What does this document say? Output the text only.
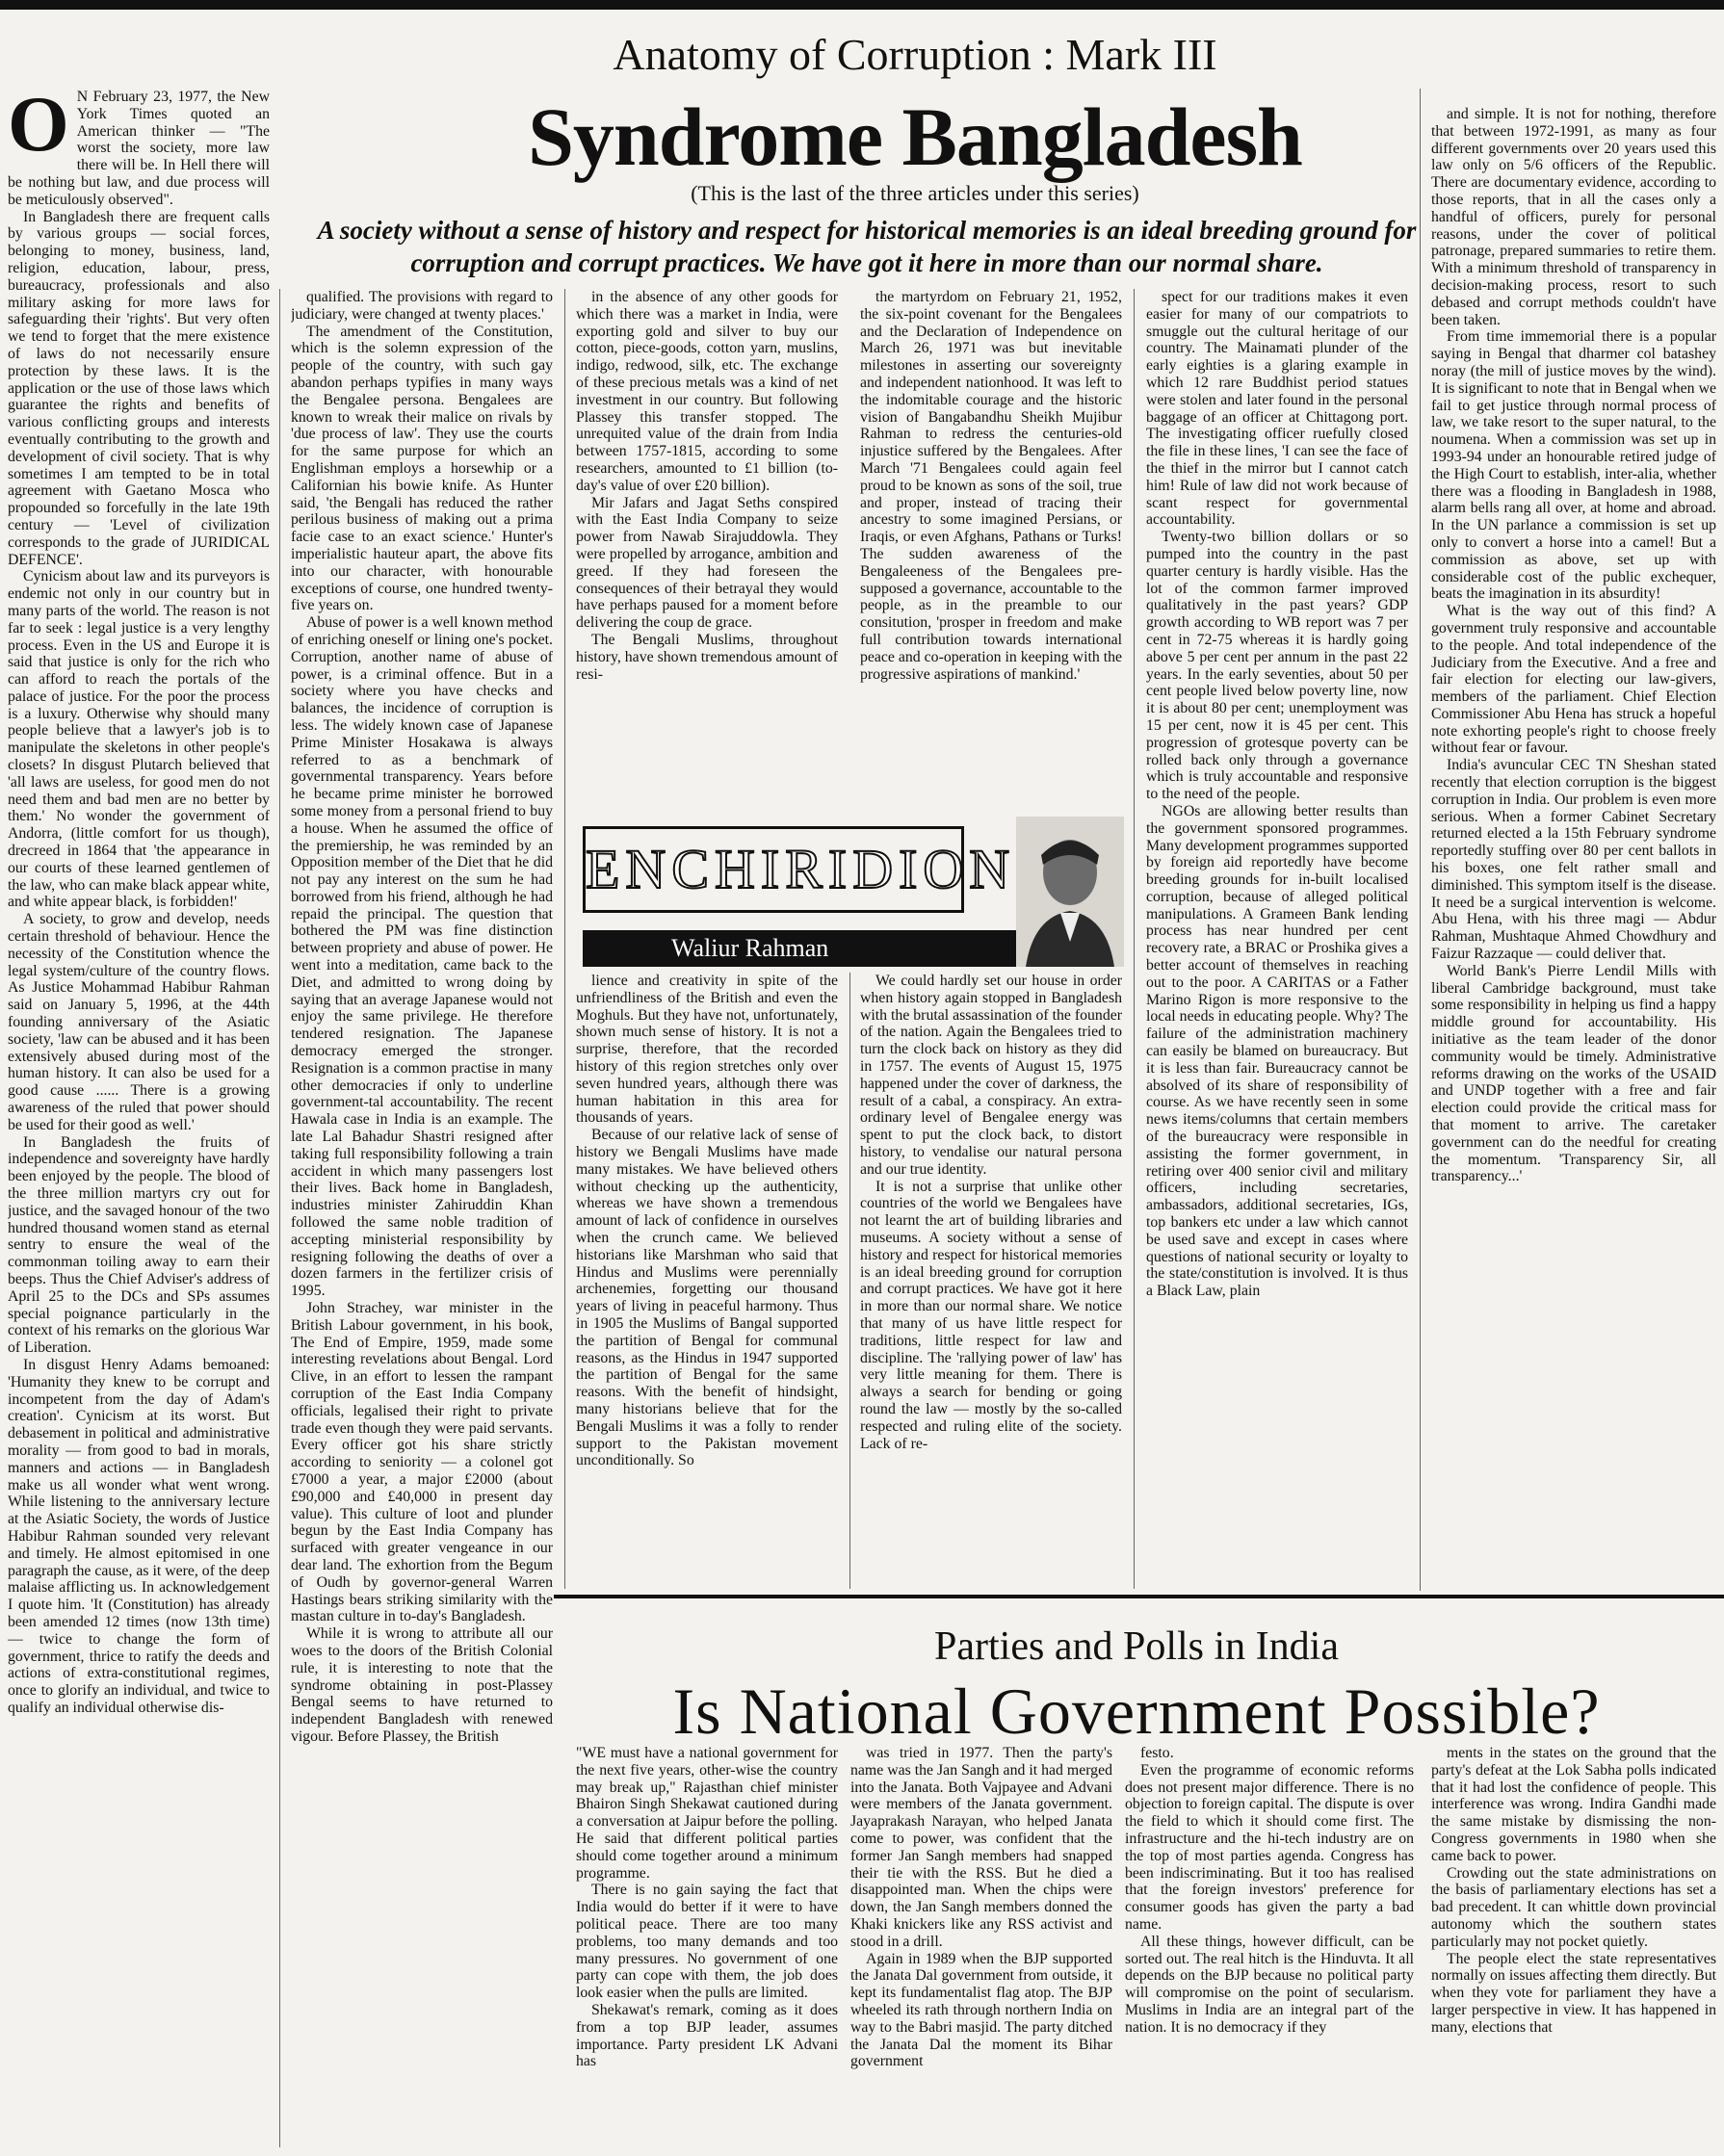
Anatomy of Corruption : Mark III
Syndrome Bangladesh
(This is the last of the three articles under this series)
A society without a sense of history and respect for historical memories is an ideal breeding ground for corruption and corrupt practices. We have got it here in more than our normal share.

O N February 23, 1977, the New York Times quoted an American thinker — "The worst the society, more law there will be. In Hell there will be nothing but law, and due process will be meticulously observed".

In Bangladesh there are frequent calls by various groups — social forces, belonging to money, business, land, religion, education, labour, press, bureaucracy, professionals and also military asking for more laws for safeguarding their 'rights'. But very often we tend to forget that the mere existence of laws do not necessarily ensure protection by these laws. It is the application or the use of those laws which guarantee the rights and benefits of various conflicting groups and interests eventually contributing to the growth and development of civil society. That is why sometimes I am tempted to be in total agreement with Gaetano Mosca who propounded so forcefully in the late 19th century — 'Level of civilization corresponds to the grade of JURIDICAL DEFENCE'.

Cynicism about law and its purveyors is endemic not only in our country but in many parts of the world. The reason is not far to seek : legal justice is a very lengthy process. Even in the US and Europe it is said that justice is only for the rich who can afford to reach the portals of the palace of justice. For the poor the process is a luxury. Otherwise why should many people believe that a lawyer's job is to manipulate the skeletons in other people's closets? In disgust Plutarch believed that 'all laws are useless, for good men do not need them and bad men are no better by them.' No wonder the government of Andorra, (little comfort for us though), drecreed in 1864 that 'the appearance in our courts of these learned gentlemen of the law, who can make black appear white, and white appear black, is forbidden!'

A society, to grow and develop, needs certain threshold of behaviour. Hence the necessity of the Constitution whence the legal system/culture of the country flows. As Justice Mohammad Habibur Rahman said on January 5, 1996, at the 44th founding anniversary of the Asiatic society, 'law can be abused and it has been extensively abused during most of the human history. It can also be used for a good cause ...... There is a growing awareness of the ruled that power should be used for their good as well.'

In Bangladesh the fruits of independence and sovereignty have hardly been enjoyed by the people. The blood of the three million martyrs cry out for justice, and the savaged honour of the two hundred thousand women stand as eternal sentry to ensure the weal of the commonman toiling away to earn their beeps. Thus the Chief Adviser's address of April 25 to the DCs and SPs assumes special poignance particularly in the context of his remarks on the glorious War of Liberation.

In disgust Henry Adams bemoaned: 'Humanity they knew to be corrupt and incompetent from the day of Adam's creation'. Cynicism at its worst. But debasement in political and administrative morality — from good to bad in morals, manners and actions — in Bangladesh make us all wonder what went wrong. While listening to the anniversary lecture at the Asiatic Society, the words of Justice Habibur Rahman sounded very relevant and timely. He almost epitomised in one paragraph the cause, as it were, of the deep malaise afflicting us. In acknowledgement I quote him. 'It (Constitution) has already been amended 12 times (now 13th time) — twice to change the form of government, thrice to ratify the deeds and actions of extra-constitutional regimes, once to glorify an individual, and twice to qualify an individual otherwise dis-

qualified. The provisions with regard to judiciary, were changed at twenty places.'

The amendment of the Constitution, which is the solemn expression of the people of the country, with such gay abandon perhaps typifies in many ways the Bengalee persona. Bengalees are known to wreak their malice on rivals by 'due process of law'. They use the courts for the same purpose for which an Englishman employs a horsewhip or a Californian his bowie knife. As Hunter said, 'the Bengali has reduced the rather perilous business of making out a prima facie case to an exact science.' Hunter's imperialistic hauteur apart, the above fits into our character, with honourable exceptions of course, one hundred twenty-five years on.

Abuse of power is a well known method of enriching oneself or lining one's pocket. Corruption, another name of abuse of power, is a criminal offence. But in a society where you have checks and balances, the incidence of corruption is less. The widely known case of Japanese Prime Minister Hosakawa is always referred to as a benchmark of governmental transparency. Years before he became prime minister he borrowed some money from a personal friend to buy a house. When he assumed the office of the premiership, he was reminded by an Opposition member of the Diet that he did not pay any interest on the sum he had borrowed from his friend, although he had repaid the principal. The question that bothered the PM was fine distinction between propriety and abuse of power. He went into a meditation, came back to the Diet, and admitted to wrong doing by saying that an average Japanese would not enjoy the same privilege. He therefore tendered resignation. The Japanese democracy emerged the stronger. Resignation is a common practise in many other democracies if only to underline government-tal accountability. The recent Hawala case in India is an example. The late Lal Bahadur Shastri resigned after taking full responsibility following a train accident in which many passengers lost their lives. Back home in Bangladesh, industries minister Zahiruddin Khan followed the same noble tradition of accepting ministerial responsibility by resigning following the deaths of over a dozen farmers in the fertilizer crisis of 1995.

John Strachey, war minister in the British Labour government, in his book, The End of Empire, 1959, made some interesting revelations about Bengal. Lord Clive, in an effort to lessen the rampant corruption of the East India Company officials, legalised their right to private trade even though they were paid servants. Every officer got his share strictly according to seniority — a colonel got £7000 a year, a major £2000 (about £90,000 and £40,000 in present day value). This culture of loot and plunder begun by the East India Company has surfaced with greater vengeance in our dear land. The exhortion from the Begum of Oudh by governor-general Warren Hastings bears striking similarity with the mastan culture in to-day's Bangladesh.

While it is wrong to attribute all our woes to the doors of the British Colonial rule, it is interesting to note that the syndrome obtaining in post-Plassey Bengal seems to have returned to independent Bangladesh with renewed vigour. Before Plassey, the British

in the absence of any other goods for which there was a market in India, were exporting gold and silver to buy our cotton, piece-goods, cotton yarn, muslins, indigo, redwood, silk, etc. The exchange of these precious metals was a kind of net investment in our country. But following Plassey this transfer stopped. The unrequited value of the drain from India between 1757-1815, according to some researchers, amounted to £1 billion (to-day's value of over £20 billion).

Mir Jafars and Jagat Seths conspired with the East India Company to seize power from Nawab Sirajuddowla. They were propelled by arrogance, ambition and greed. If they had foreseen the consequences of their betrayal they would have perhaps paused for a moment before delivering the coup de grace.

The Bengali Muslims, throughout history, have shown tremendous amount of resi-

the martyrdom on February 21, 1952, the six-point covenant for the Bengalees and the Declaration of Independence on March 26, 1971 was but inevitable milestones in asserting our sovereignty and independent nationhood. It was left to the indomitable courage and the historic vision of Bangabandhu Sheikh Mujibur Rahman to redress the centuries-old injustice suffered by the Bengalees. After March '71 Bengalees could again feel proud to be known as sons of the soil, true and proper, instead of tracing their ancestry to some imagined Persians, or Iraqis, or even Afghans, Pathans or Turks! The sudden awareness of the Bengaleeness of the Bengalees pre-supposed a governance, accountable to the people, as in the preamble to our consitution, 'prosper in freedom and make full contribution towards international peace and co-operation in keeping with the progressive aspirations of mankind.'

ENCHIRIDION
Waliur Rahman

lience and creativity in spite of the unfriendliness of the British and even the Moghuls. But they have not, unfortunately, shown much sense of history. It is not a surprise, therefore, that the recorded history of this region stretches only over seven hundred years, although there was human habitation in this area for thousands of years.

Because of our relative lack of sense of history we Bengali Muslims have made many mistakes. We have believed others without checking up the authenticity, whereas we have shown a tremendous amount of lack of confidence in ourselves when the crunch came. We believed historians like Marshman who said that Hindus and Muslims were perennially archenemies, forgetting our thousand years of living in peaceful harmony. Thus in 1905 the Muslims of Bangal supported the partition of Bengal for communal reasons, as the Hindus in 1947 supported the partition of Bengal for the same reasons. With the benefit of hindsight, many historians believe that for the Bengali Muslims it was a folly to render support to the Pakistan movement unconditionally. So

We could hardly set our house in order when history again stopped in Bangladesh with the brutal assassination of the founder of the nation. Again the Bengalees tried to turn the clock back on history as they did in 1757. The events of August 15, 1975 happened under the cover of darkness, the result of a cabal, a conspiracy. An extra-ordinary level of Bengalee energy was spent to put the clock back, to distort history, to vendalise our natural persona and our true identity.

It is not a surprise that unlike other countries of the world we Bengalees have not learnt the art of building libraries and museums. A society without a sense of history and respect for historical memories is an ideal breeding ground for corruption and corrupt practices. We have got it here in more than our normal share. We notice that many of us have little respect for traditions, little respect for law and discipline. The 'rallying power of law' has very little meaning for them. There is always a search for bending or going round the law — mostly by the so-called respected and ruling elite of the society. Lack of re-

spect for our traditions makes it even easier for many of our compatriots to smuggle out the cultural heritage of our country. The Mainamati plunder of the early eighties is a glaring example in which 12 rare Buddhist period statues were stolen and later found in the personal baggage of an officer at Chittagong port. The investigating officer ruefully closed the file in these lines, 'I can see the face of the thief in the mirror but I cannot catch him! Rule of law did not work because of scant respect for governmental accountability.

Twenty-two billion dollars or so pumped into the country in the past quarter century is hardly visible. Has the lot of the common farmer improved qualitatively in the past years? GDP growth according to WB report was 7 per cent in 72-75 whereas it is hardly going above 5 per cent per annum in the past 22 years. In the early seventies, about 50 per cent people lived below poverty line, now it is about 80 per cent; unemployment was 15 per cent, now it is 45 per cent. This progression of grotesque poverty can be rolled back only through a governance which is truly accountable and responsive to the need of the people.

NGOs are allowing better results than the government sponsored programmes. Many development programmes supported by foreign aid reportedly have become breeding grounds for in-built localised corruption, because of alleged political manipulations. A Grameen Bank lending process has near hundred per cent recovery rate, a BRAC or Proshika gives a better account of themselves in reaching out to the poor. A CARITAS or a Father Marino Rigon is more responsive to the local needs in educating people. Why? The failure of the administration machinery can easily be blamed on bureaucracy. But it is less than fair. Bureaucracy cannot be absolved of its share of responsibility of course. As we have recently seen in some news items/columns that certain members of the bureaucracy were responsible in assisting the former government, in retiring over 400 senior civil and military officers, including secretaries, ambassadors, additional secretaries, IGs, top bankers etc under a law which cannot be used save and except in cases where questions of national security or loyalty to the state/constitution is involved. It is thus a Black Law, plain

and simple. It is not for nothing, therefore that between 1972-1991, as many as four different governments over 20 years used this law only on 5/6 officers of the Republic. There are documentary evidence, according to those reports, that in all the cases only a handful of officers, purely for personal reasons, under the cover of political patronage, prepared summaries to retire them. With a minimum threshold of transparency in decision-making process, resort to such debased and corrupt methods couldn't have been taken.

From time immemorial there is a popular saying in Bengal that dharmer col batashey noray (the mill of justice moves by the wind). It is significant to note that in Bengal when we fail to get justice through normal process of law, we take resort to the super natural, to the noumena. When a commission was set up in 1993-94 under an honourable retired judge of the High Court to establish, inter-alia, whether there was a flooding in Bangladesh in 1988, alarm bells rang all over, at home and abroad. In the UN parlance a commission is set up only to convert a horse into a camel! But a commission as above, set up with considerable cost of the public exchequer, beats the imagination in its absurdity!

What is the way out of this find? A government truly responsive and accountable to the people. And total independence of the Judiciary from the Executive. And a free and fair election for electing our law-givers, members of the parliament. Chief Election Commissioner Abu Hena has struck a hopeful note exhorting people's right to choose freely without fear or favour.

India's avuncular CEC TN Sheshan stated recently that election corruption is the biggest corruption in India. Our problem is even more serious. When a former Cabinet Secretary returned elected a la 15th February syndrome reportedly stuffing over 80 per cent ballots in his boxes, one felt rather small and diminished. This symptom itself is the disease. It need be a surgical intervention is welcome. Abu Hena, with his three magi — Abdur Rahman, Mushtaque Ahmed Chowdhury and Faizur Razzaque — could deliver that.

World Bank's Pierre Lendil Mills with liberal Cambridge background, must take some responsibility in helping us find a happy middle ground for accountability. His initiative as the team leader of the donor community would be timely. Administrative reforms drawing on the works of the USAID and UNDP together with a free and fair election could provide the critical mass for that moment to arrive. The caretaker government can do the needful for creating the momentum. 'Transparency Sir, all transparency...'

Parties and Polls in India
Is National Government Possible?

"WE must have a national government for the next five years, other-wise the country may break up," Rajasthan chief minister Bhairon Singh Shekawat cautioned during a conversation at Jaipur before the polling. He said that different political parties should come together around a minimum programme.

There is no gain saying the fact that India would do better if it were to have political peace. There are too many problems, too many demands and too many pressures. No government of one party can cope with them, the job does look easier when the pulls are limited.

Shekawat's remark, coming as it does from a top BJP leader, assumes importance. Party president LK Advani has

was tried in 1977. Then the party's name was the Jan Sangh and it had merged into the Janata. Both Vajpayee and Advani were members of the Janata government. Jayaprakash Narayan, who helped Janata come to power, was confident that the former Jan Sangh members had snapped their tie with the RSS. But he died a disappointed man. When the chips were down, the Jan Sangh members donned the Khaki knickers like any RSS activist and stood in a drill.

Again in 1989 when the BJP supported the Janata Dal government from outside, it kept its fundamentalist flag atop. The BJP wheeled its rath through northern India on way to the Babri masjid. The party ditched the Janata Dal the moment its Bihar government

festo.

Even the programme of economic reforms does not present major difference. There is no objection to foreign capital. The dispute is over the field to which it should come first. The infrastructure and the hi-tech industry are on the top of most parties agenda. Congress has been indiscriminating. But it too has realised that the foreign investors' preference for consumer goods has given the party a bad name.

All these things, however difficult, can be sorted out. The real hitch is the Hinduvta. It all depends on the BJP because no political party will compromise on the point of secularism. Muslims in India are an integral part of the nation. It is no democracy if they

ments in the states on the ground that the party's defeat at the Lok Sabha polls indicated that it had lost the confidence of people. This interference was wrong. Indira Gandhi made the same mistake by dismissing the non-Congress governments in 1980 when she came back to power.

Crowding out the state administrations on the basis of parliamentary elections has set a bad precedent. It can whittle down provincial autonomy which the southern states particularly may not pocket quietly.

The people elect the state representatives normally on issues affecting them directly. But when they vote for parliament they have a larger perspective in view. It has happened in many, elections that
